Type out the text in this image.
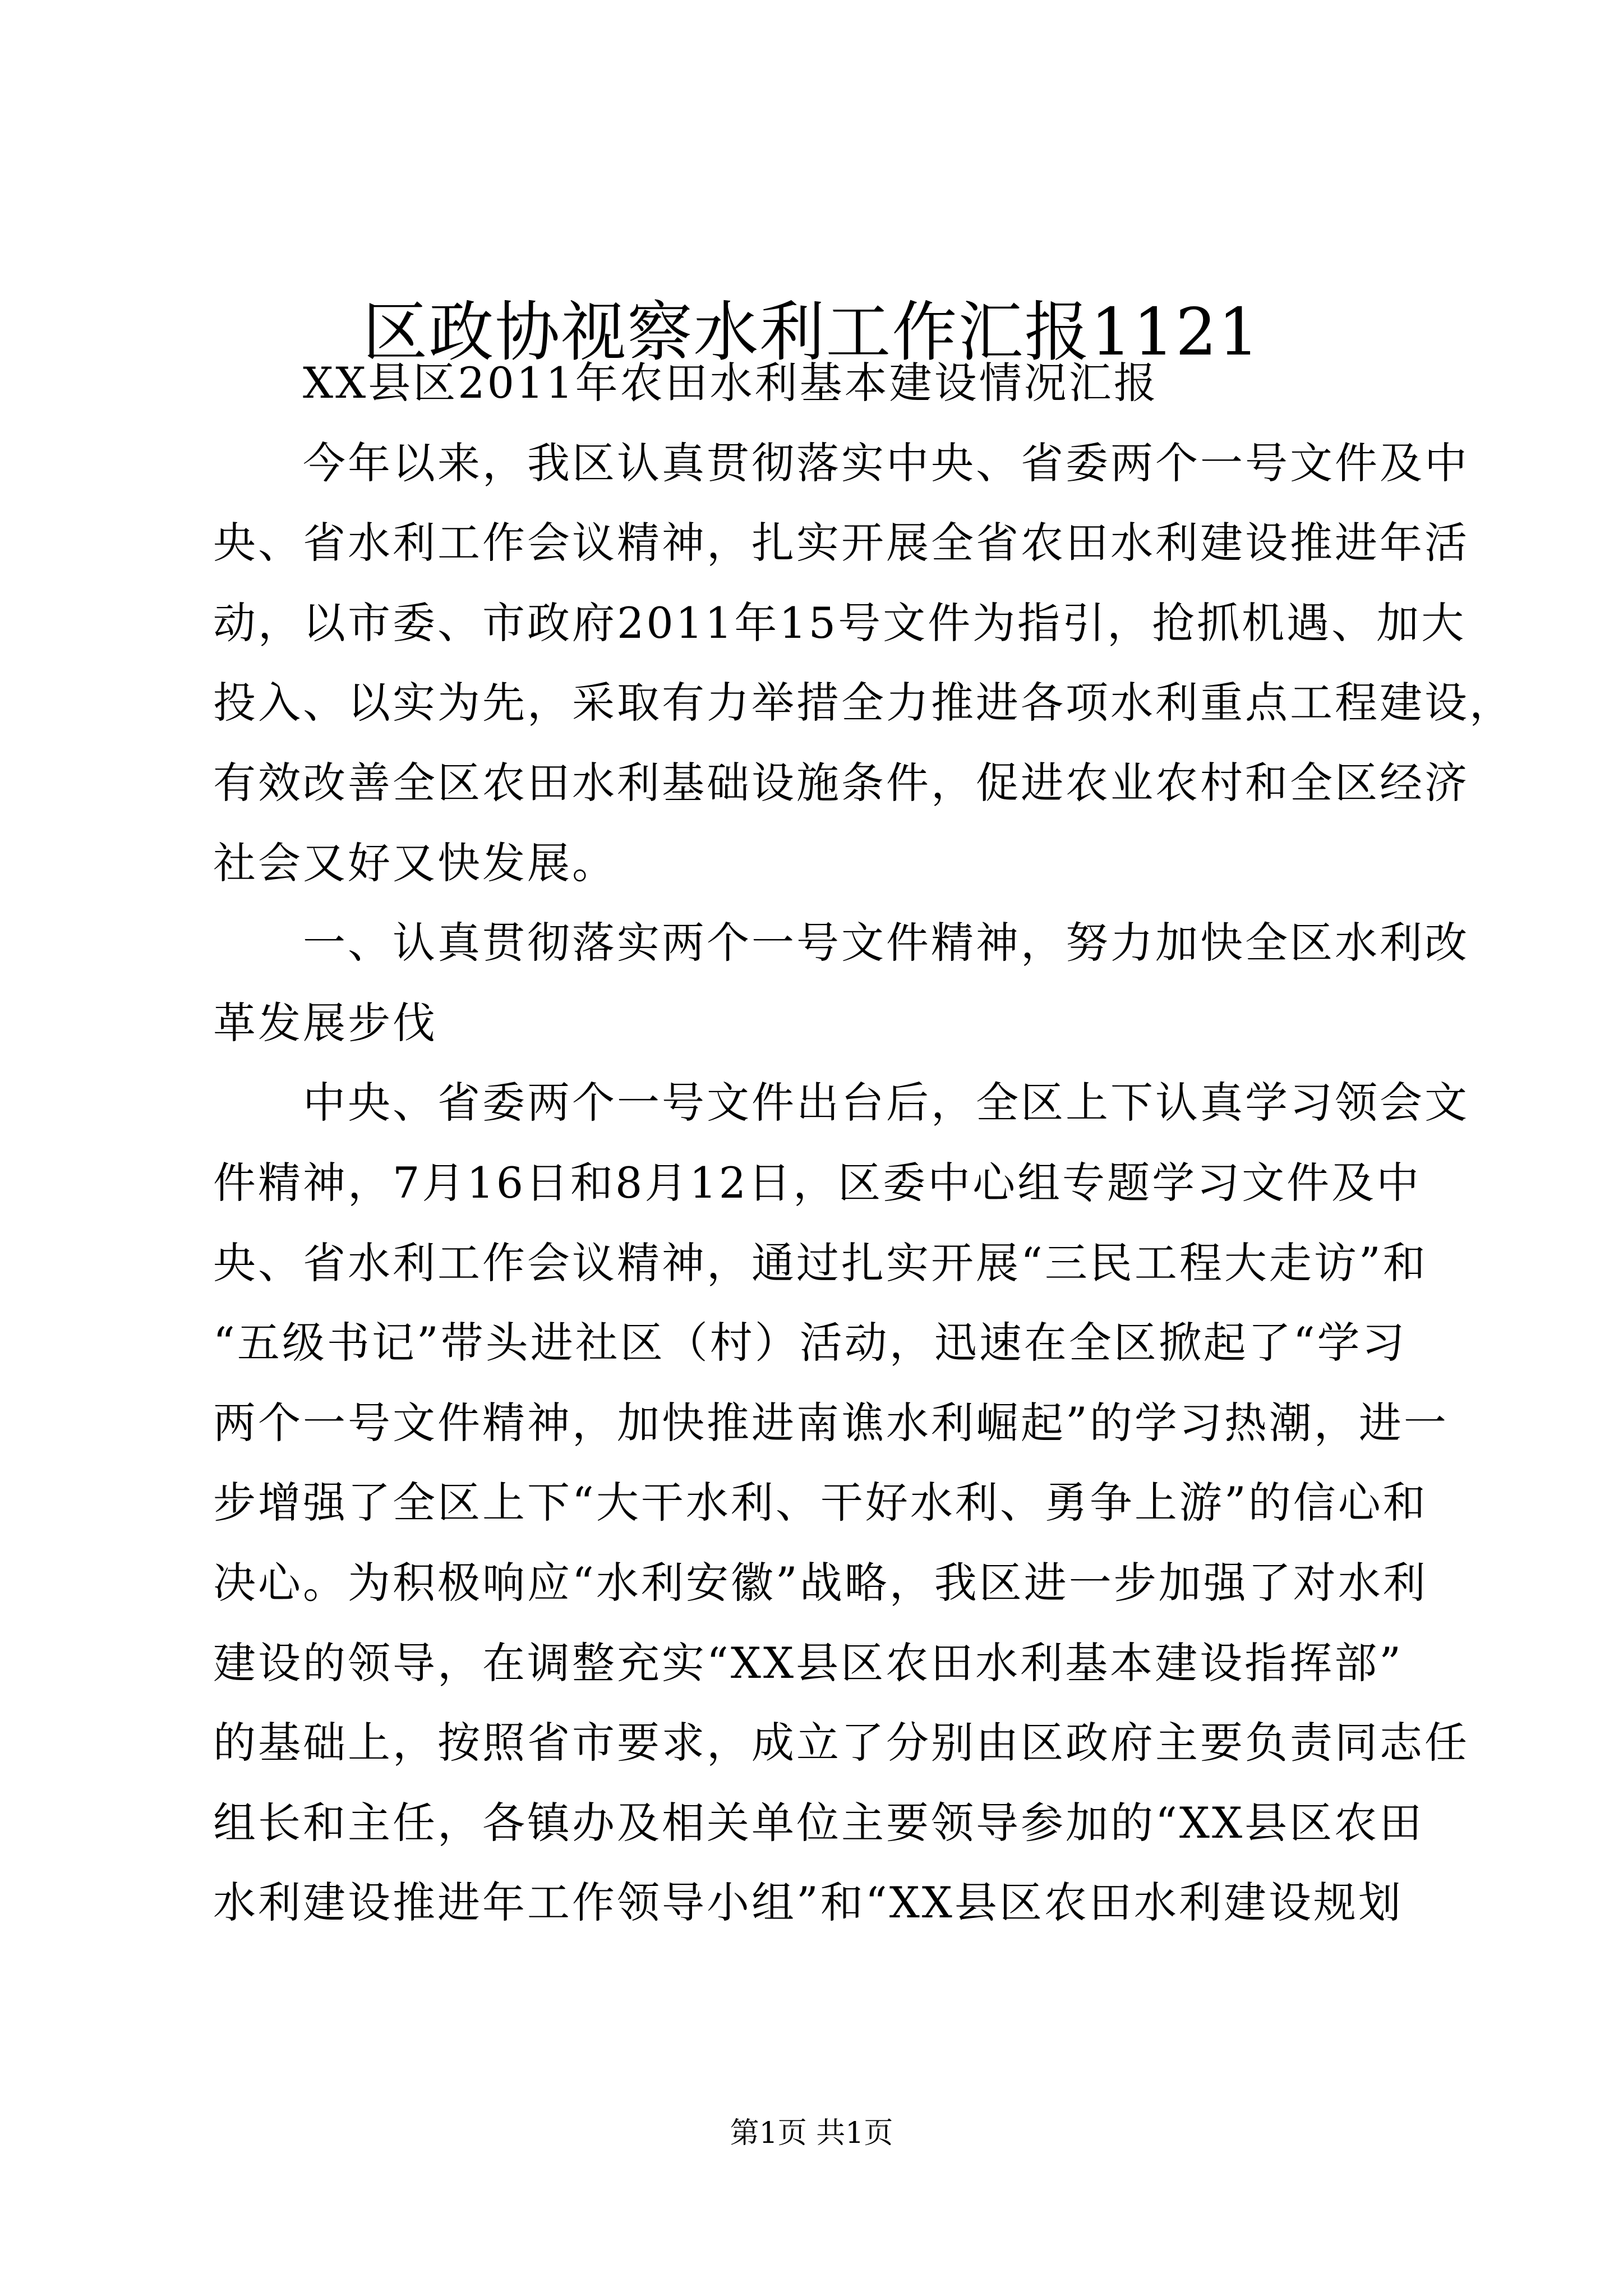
区政协视察水利工作汇报1121
XX县区2011年农田水利基本建设情况汇报
今年以来，我区认真贯彻落实中央、省委两个一号文件及中
央、省水利工作会议精神，扎实开展全省农田水利建设推进年活
动，以市委、市政府2011年15号文件为指引，抢抓机遇、加大
投入、以实为先，采取有力举措全力推进各项水利重点工程建设，
有效改善全区农田水利基础设施条件，促进农业农村和全区经济
社会又好又快发展。
一、认真贯彻落实两个一号文件精神，努力加快全区水利改
革发展步伐
中央、省委两个一号文件出台后，全区上下认真学习领会文
件精神，7月16日和8月12日，区委中心组专题学习文件及中
央、省水利工作会议精神，通过扎实开展“三民工程大走访”和
“五级书记”带头进社区（村）活动，迅速在全区掀起了“学习
两个一号文件精神，加快推进南谯水利崛起”的学习热潮，进一
步增强了全区上下“大干水利、干好水利、勇争上游”的信心和
决心。为积极响应“水利安徽”战略，我区进一步加强了对水利
建设的领导，在调整充实“XX县区农田水利基本建设指挥部”
的基础上，按照省市要求，成立了分别由区政府主要负责同志任
组长和主任，各镇办及相关单位主要领导参加的“XX县区农田
水利建设推进年工作领导小组”和“XX县区农田水利建设规划
第1页 共1页
